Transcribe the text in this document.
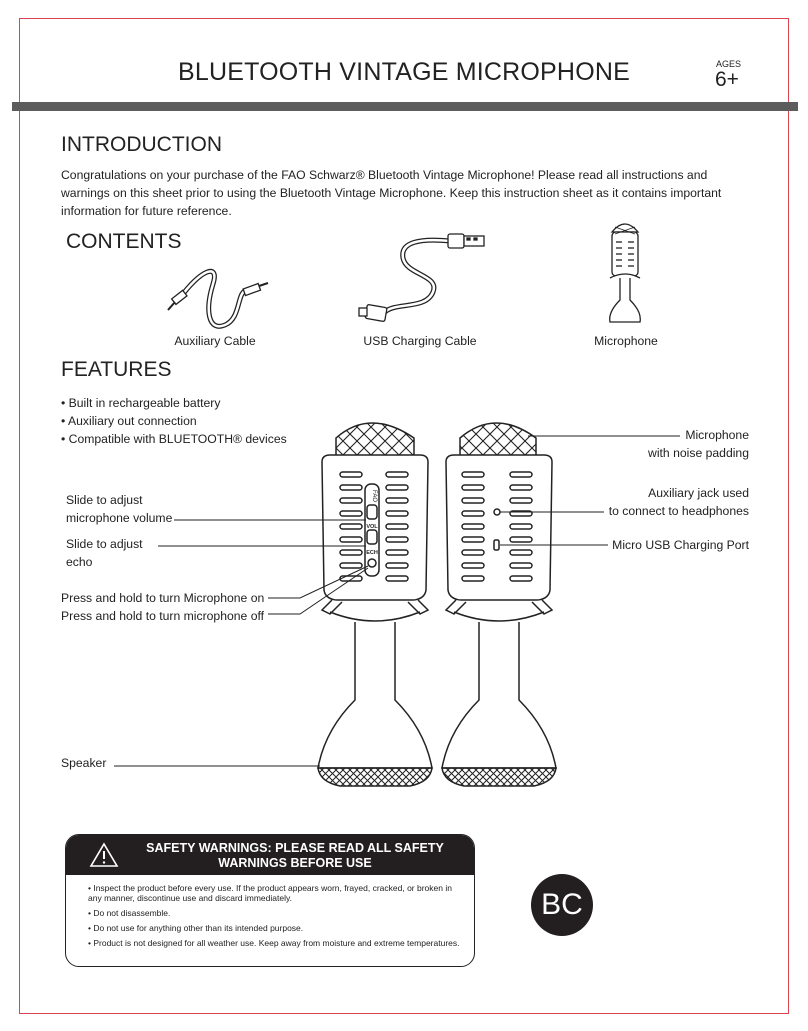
BLUETOOTH VINTAGE MICROPHONE	AGES
6+
INTRODUCTION

Congratulations on your purchase of the FAO Schwarz® Bluetooth Vintage Microphone! Please read all instructions and warnings on this sheet prior to using the Bluetooth Vintage Microphone. Keep this instruction sheet as it contains important information for future reference.

CONTENTS
Auxiliary Cable	USB Charging Cable	Microphone
FEATURES
• Built in rechargeable battery
• Auxiliary out connection
• Compatible with BLUETOOTH® devices
FAO
VOL
ECH
Slide to adjust
microphone volume
Slide to adjust
echo
Press and hold to turn Microphone on
Press and hold to turn microphone off
Speaker
Microphone
with noise padding
Auxiliary jack used
to connect to headphones
Micro USB Charging Port
SAFETY WARNINGS: PLEASE READ ALL SAFETY WARNINGS BEFORE USE
• Inspect the product before every use. If the product appears worn, frayed, cracked, or broken in any manner, discontinue use and discard immediately.
• Do not disassemble.
• Do not use for anything other than its intended purpose.
• Product is not designed for all weather use. Keep away from moisture and extreme temperatures.
BC
